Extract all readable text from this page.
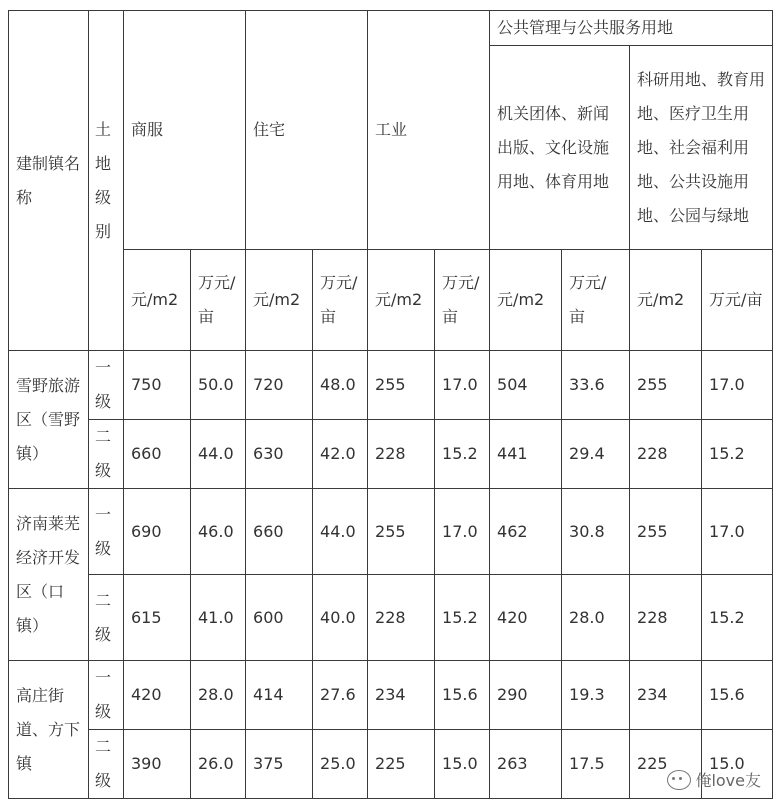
建制镇名称	土地级别	商服		住宅		工业		公共管理与公共服务用地			
								机关团体、新闻出版、文化设施用地、体育用地		科研用地、教育用地、医疗卫生用地、社会福利用地、公共设施用地、公园与绿地	
		元/m2	万元/亩	元/m2	万元/亩	元/m2	万元/亩	元/m2	万元/亩	元/m2	万元/亩
雪野旅游区（雪野镇）	一级	750	50.0	720	48.0	255	17.0	504	33.6	255	17.0
	二级	660	44.0	630	42.0	228	15.2	441	29.4	228	15.2
济南莱芜经济开发区（口镇）	一级	690	46.0	660	44.0	255	17.0	462	30.8	255	17.0
	二级	615	41.0	600	40.0	228	15.2	420	28.0	228	15.2
高庄街道、方下镇	一级	420	28.0	414	27.6	234	15.6	290	19.3	234	15.6
	二级	390	26.0	375	25.0	225	15.0	263	17.5	225	15.0
俺love友
